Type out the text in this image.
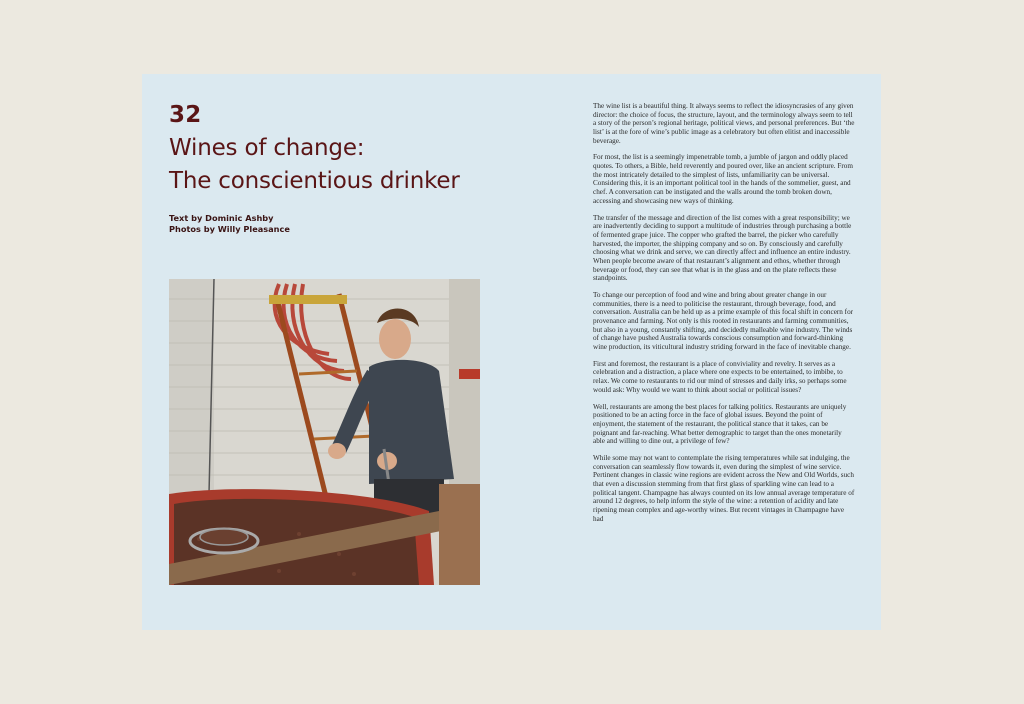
32
Wines of change:
The conscientious drinker
Text by Dominic Ashby
Photos by Willy Pleasance

The wine list is a beautiful thing. It always seems to reflect the idiosyncrasies of any given director: the choice of focus, the structure, layout, and the terminology always seem to tell a story of the person’s regional heritage, political views, and personal preferences. But ‘the list’ is at the fore of wine’s public image as a celebratory but often elitist and inaccessible beverage.

For most, the list is a seemingly impenetrable tomb, a jumble of jargon and oddly placed quotes. To others, a Bible, held reverently and poured over, like an ancient scripture. From the most intricately detailed to the simplest of lists, unfamiliarity can be universal. Considering this, it is an important political tool in the hands of the sommelier, guest, and chef. A conversation can be instigated and the walls around the tomb broken down, accessing and showcasing new ways of thinking.

The transfer of the message and direction of the list comes with a great responsibility; we are inadvertently deciding to support a multitude of industries through purchasing a bottle of fermented grape juice. The copper who grafted the barrel, the picker who carefully harvested, the importer, the shipping company and so on. By consciously and carefully choosing what we drink and serve, we can directly affect and influence an entire industry. When people become aware of that restaurant’s alignment and ethos, whether through beverage or food, they can see that what is in the glass and on the plate reflects these standpoints.

To change our perception of food and wine and bring about greater change in our communities, there is a need to politicise the restaurant, through beverage, food, and conversation. Australia can be held up as a prime example of this focal shift in concern for provenance and farming. Not only is this rooted in restaurants and farming communities, but also in a young, constantly shifting, and decidedly malleable wine industry. The winds of change have pushed Australia towards conscious consumption and forward-thinking wine production, its viticultural industry striding forward in the face of inevitable change.

First and foremost, the restaurant is a place of conviviality and revelry. It serves as a celebration and a distraction, a place where one expects to be entertained, to imbibe, to relax. We come to restaurants to rid our mind of stresses and daily irks, so perhaps some would ask: Why would we want to think about social or political issues?

Well, restaurants are among the best places for talking politics. Restaurants are uniquely positioned to be an acting force in the face of global issues. Beyond the point of enjoyment, the statement of the restaurant, the political stance that it takes, can be poignant and far-reaching. What better demographic to target than the ones monetarily able and willing to dine out, a privilege of few?

While some may not want to contemplate the rising temperatures while sat indulging, the conversation can seamlessly flow towards it, even during the simplest of wine service. Pertinent changes in classic wine regions are evident across the New and Old Worlds, such that even a discussion stemming from that first glass of sparkling wine can lead to a political tangent. Champagne has always counted on its low annual average temperature of around 12 degrees, to help inform the style of the wine: a retention of acidity and late ripening mean complex and age-worthy wines. But recent vintages in Champagne have had
